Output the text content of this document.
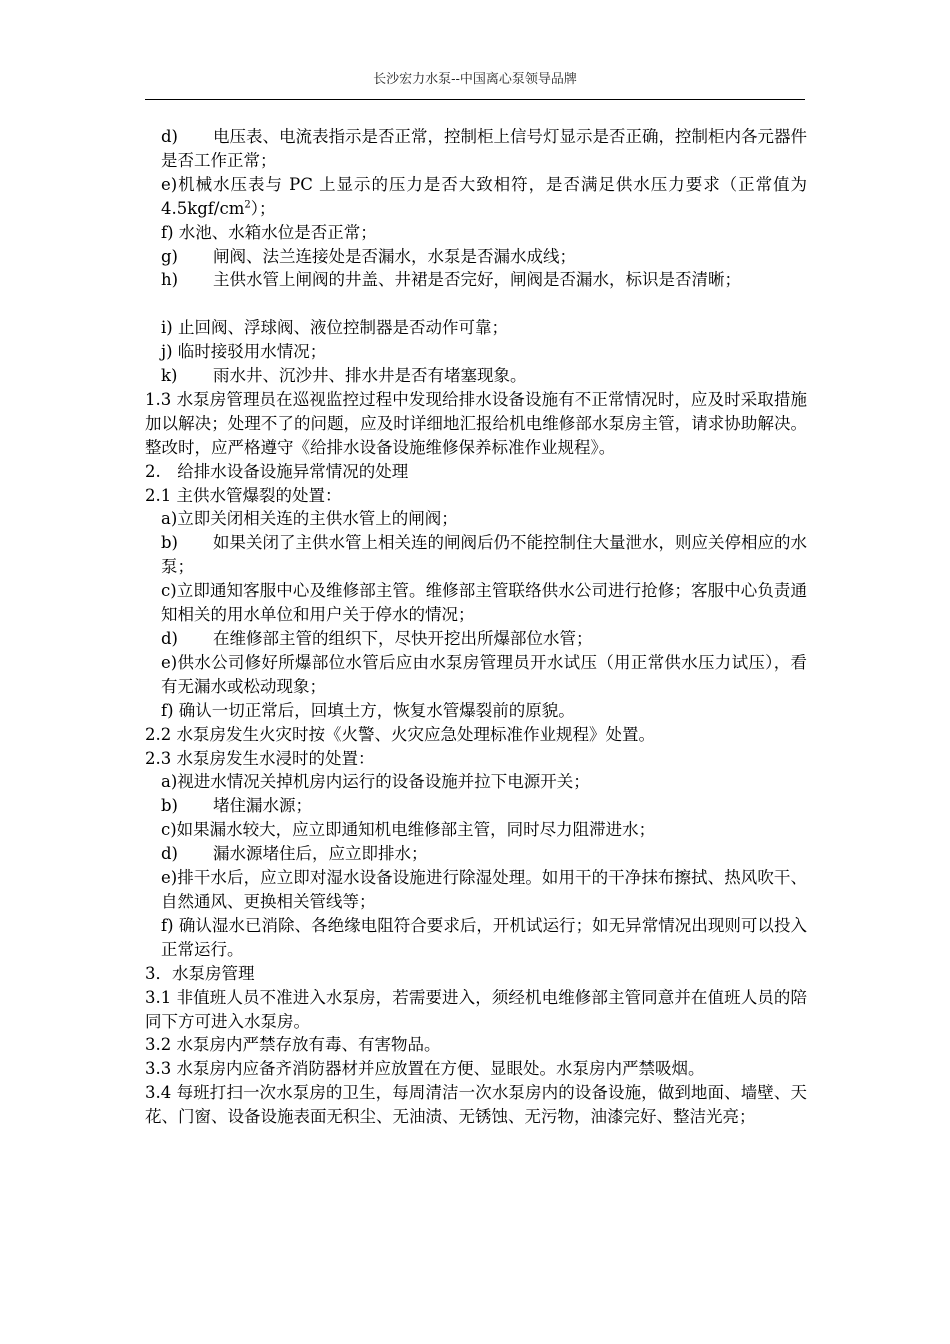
长沙宏力水泵--中国离心泵领导品牌

d) 电压表、电流表指示是否正常，控制柜上信号灯显示是否正确，控制柜内各元器件是否工作正常；

e)机械水压表与 PC 上显示的压力是否大致相符，是否满足供水压力要求（正常值为 $4.5kgf/cm^2$）；

f) 水池、水箱水位是否正常；

g) 闸阀、法兰连接处是否漏水，水泵是否漏水成线；

h) 主供水管上闸阀的井盖、井裙是否完好，闸阀是否漏水，标识是否清晰；

i) 止回阀、浮球阀、液位控制器是否动作可靠；

j) 临时接驳用水情况；

k) 雨水井、沉沙井、排水井是否有堵塞现象。

1.3 水泵房管理员在巡视监控过程中发现给排水设备设施有不正常情况时，应及时采取措施加以解决；处理不了的问题，应及时详细地汇报给机电维修部水泵房主管，请求协助解决。整改时，应严格遵守《给排水设备设施维修保养标准作业规程》。

2.　给排水设备设施异常情况的处理

2.1 主供水管爆裂的处置：

a)立即关闭相关连的主供水管上的闸阀；

b) 如果关闭了主供水管上相关连的闸阀后仍不能控制住大量泄水，则应关停相应的水泵；

c)立即通知客服中心及维修部主管。维修部主管联络供水公司进行抢修；客服中心负责通知相关的用水单位和用户关于停水的情况；

d) 在维修部主管的组织下，尽快开挖出所爆部位水管；

e)供水公司修好所爆部位水管后应由水泵房管理员开水试压（用正常供水压力试压），看有无漏水或松动现象；

f) 确认一切正常后，回填土方，恢复水管爆裂前的原貌。

2.2 水泵房发生火灾时按《火警、火灾应急处理标准作业规程》处置。

2.3 水泵房发生水浸时的处置：

a)视进水情况关掉机房内运行的设备设施并拉下电源开关；

b) 堵住漏水源；

c)如果漏水较大，应立即通知机电维修部主管，同时尽力阻滞进水；

d) 漏水源堵住后，应立即排水；

e)排干水后，应立即对湿水设备设施进行除湿处理。如用干的干净抹布擦拭、热风吹干、自然通风、更换相关管线等；

f) 确认湿水已消除、各绝缘电阻符合要求后，开机试运行；如无异常情况出现则可以投入正常运行。

3．水泵房管理

3.1 非值班人员不准进入水泵房，若需要进入，须经机电维修部主管同意并在值班人员的陪同下方可进入水泵房。

3.2 水泵房内严禁存放有毒、有害物品。

3.3 水泵房内应备齐消防器材并应放置在方便、显眼处。水泵房内严禁吸烟。

3.4 每班打扫一次水泵房的卫生，每周清洁一次水泵房内的设备设施，做到地面、墙壁、天花、门窗、设备设施表面无积尘、无油渍、无锈蚀、无污物，油漆完好、整洁光亮；
